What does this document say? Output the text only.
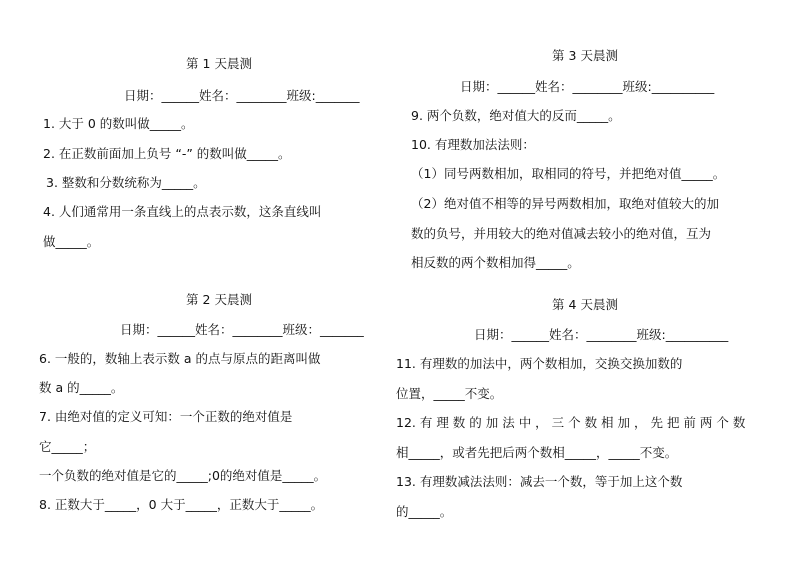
第 1 天晨测
日期：______姓名：________班级:_______
1. 大于 0 的数叫做_____。
2. 在正数前面加上负号 “-” 的数叫做_____。
3. 整数和分数统称为_____。
4. 人们通常用一条直线上的点表示数，这条直线叫
做_____。
第 2 天晨测
日期：______姓名：________班级：_______
6. 一般的，数轴上表示数 a 的点与原点的距离叫做
数 a 的_____。
7. 由绝对值的定义可知：一个正数的绝对值是
它_____；
一个负数的绝对值是它的_____;0的绝对值是_____。
8. 正数大于_____，0 大于_____，正数大于_____。
第 3 天晨测
日期：______姓名：________班级:__________
9. 两个负数，绝对值大的反而_____。
10. 有理数加法法则：
（1）同号两数相加，取相同的符号，并把绝对值_____。
（2）绝对值不相等的异号两数相加，取绝对值较大的加
数的负号，并用较大的绝对值减去较小的绝对值，互为
相反数的两个数相加得_____。
第 4 天晨测
日期：______姓名：________班级:__________
11. 有理数的加法中，两个数相加，交换交换加数的
位置，_____不变。
12. 有 理 数 的 加 法 中 ， 三 个 数 相 加 ， 先 把 前 两 个 数
相_____，或者先把后两个数相_____，_____不变。
13. 有理数减法法则：减去一个数，等于加上这个数
的_____。
